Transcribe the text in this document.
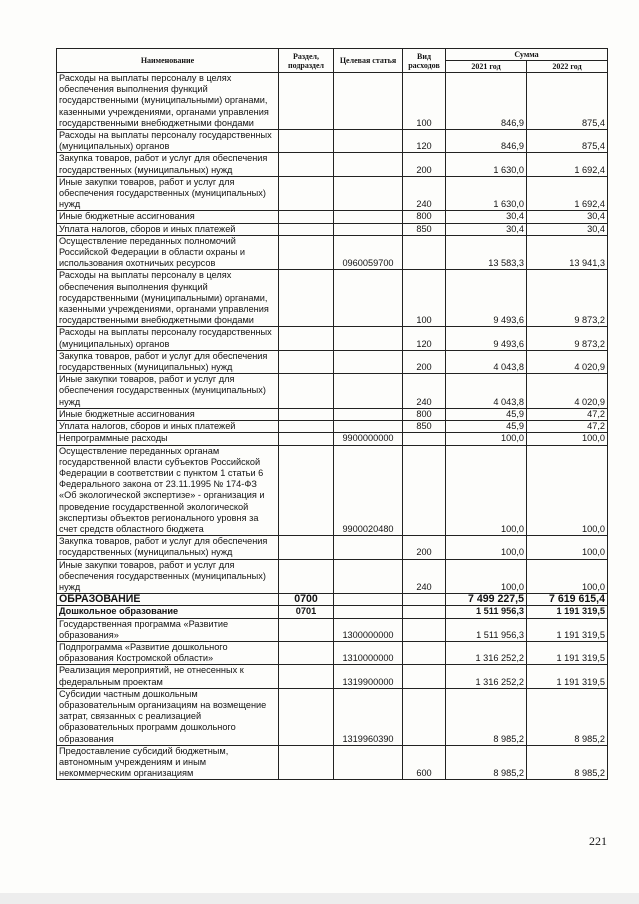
Наименование	Раздел, подраздел	Целевая статья	Вид расходов	Сумма	
				2021 год	2022 год
Расходы на выплаты персоналу в целях обеспечения выполнения функций государственными (муниципальными) органами, казенными учреждениями, органами управления государственными внебюджетными фондами			100	846,9	875,4
Расходы на выплаты персоналу государственных (муниципальных) органов			120	846,9	875,4
Закупка товаров, работ и услуг для обеспечения государственных (муниципальных) нужд			200	1 630,0	1 692,4
Иные закупки товаров, работ и услуг для обеспечения государственных (муниципальных) нужд			240	1 630,0	1 692,4
Иные бюджетные ассигнования			800	30,4	30,4
Уплата налогов, сборов и иных платежей			850	30,4	30,4
Осуществление переданных полномочий Российской Федерации в области охраны и использования охотничьих ресурсов		0960059700		13 583,3	13 941,3
Расходы на выплаты персоналу в целях обеспечения выполнения функций государственными (муниципальными) органами, казенными учреждениями, органами управления государственными внебюджетными фондами			100	9 493,6	9 873,2
Расходы на выплаты персоналу государственных (муниципальных) органов			120	9 493,6	9 873,2
Закупка товаров, работ и услуг для обеспечения государственных (муниципальных) нужд			200	4 043,8	4 020,9
Иные закупки товаров, работ и услуг для обеспечения государственных (муниципальных) нужд			240	4 043,8	4 020,9
Иные бюджетные ассигнования			800	45,9	47,2
Уплата налогов, сборов и иных платежей			850	45,9	47,2
Непрограммные расходы		9900000000		100,0	100,0
Осуществление переданных органам государственной власти субъектов Российской Федерации в соответствии с пунктом 1 статьи 6 Федерального закона от 23.11.1995 № 174-ФЗ «Об экологической экспертизе» - организация и проведение государственной экологической экспертизы объектов регионального уровня за счет средств областного бюджета		9900020480		100,0	100,0
Закупка товаров, работ и услуг для обеспечения государственных (муниципальных) нужд			200	100,0	100,0
Иные закупки товаров, работ и услуг для обеспечения государственных (муниципальных) нужд			240	100,0	100,0
ОБРАЗОВАНИЕ	0700			7 499 227,5	7 619 615,4
Дошкольное образование	0701			1 511 956,3	1 191 319,5
Государственная программа «Развитие образования»		1300000000		1 511 956,3	1 191 319,5
Подпрограмма «Развитие дошкольного образования Костромской области»		1310000000		1 316 252,2	1 191 319,5
Реализация мероприятий, не отнесенных к федеральным проектам		1319900000		1 316 252,2	1 191 319,5
Субсидии частным дошкольным образовательным организациям на возмещение затрат, связанных с реализацией образовательных программ дошкольного образования		1319960390		8 985,2	8 985,2
Предоставление субсидий бюджетным, автономным учреждениям и иным некоммерческим организациям			600	8 985,2	8 985,2
221
